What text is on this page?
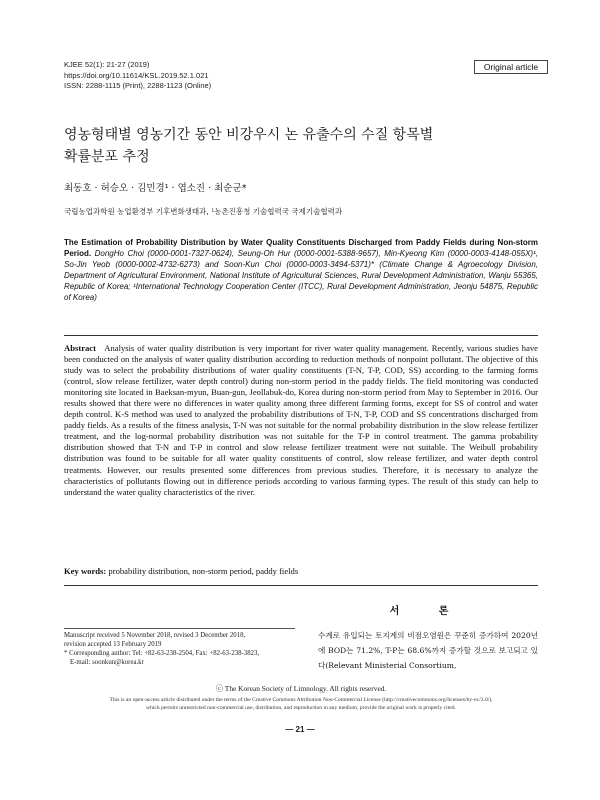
KJEE 52(1): 21-27 (2019)
https://doi.org/10.11614/KSL.2019.52.1.021
ISSN: 2288-1115 (Print), 2288-1123 (Online)
Original article
영농형태별 영농기간 동안 비강우시 논 유출수의 수질 항목별
확률분포 추정
최동호 · 허승오 · 김민경¹ · 엽소진 · 최순군*
국립농업과학원 농업환경부 기후변화생태과, ¹농촌진흥청 기술협력국 국제기술협력과
The Estimation of Probability Distribution by Water Quality Constituents Discharged from Paddy Fields during Non-storm Period. DongHo Choi (0000-0001-7327-0624), Seung-Oh Hur (0000-0001-5388-9657), Min-Kyeong Kim (0000-0003-4148-055X)¹, So-Jin Yeob (0000-0002-4732-6273) and Soon-Kun Choi (0000-0003-3494-5371)* (Climate Change & Agroecology Division, Department of Agricultural Environment, National Institute of Agricultural Sciences, Rural Development Administration, Wanju 55365, Republic of Korea; ¹International Technology Cooperation Center (ITCC), Rural Development Administration, Jeonju 54875, Republic of Korea)
Abstract Analysis of water quality distribution is very important for river water quality management. Recently, various studies have been conducted on the analysis of water quality distribution according to reduction methods of nonpoint pollutant. The objective of this study was to select the probability distributions of water quality constituents (T-N, T-P, COD, SS) according to the farming forms (control, slow release fertilizer, water depth control) during non-storm period in the paddy fields. The field monitoring was conducted monitoring site located in Baeksan-myun, Buan-gun, Jeollabuk-do, Korea during non-storm period from May to September in 2016. Our results showed that there were no differences in water quality among three different farming forms, except for SS of control and water depth control. K-S method was used to analyzed the probability distributions of T-N, T-P, COD and SS concentrations discharged from paddy fields. As a results of the fitness analysis, T-N was not suitable for the normal probability distribution in the slow release fertilizer treatment, and the log-normal probability distribution was not suitable for the T-P in control treatment. The gamma probability distribution showed that T-N and T-P in control and slow release fertilizer treatment were not suitable. The Weibull probability distribution was found to be suitable for all water quality constituents of control, slow release fertilizer, and water depth control treatments. However, our results presented some differences from previous studies. Therefore, it is necessary to analyze the characteristics of pollutants flowing out in difference periods according to various farming types. The result of this study can help to understand the water quality characteristics of the river.
Key words: probability distribution, non-storm period, paddy fields
서 론
수계로 유입되는 토지계의 비점오염원은 꾸준히 증가하여 2020년에 BOD는 71.2%, T-P는 68.6%까지 증가할 것으로 보고되고 있다(Relevant Ministerial Consortium,
Manuscript received 5 November 2018, revised 3 December 2018,
revision accepted 13 February 2019
* Corresponding author: Tel: +82-63-238-2504, Fax: +82-63-238-3823,
E-mail: soonkun@korea.kr
ⓒ The Korean Society of Limnology. All rights reserved.
This is an open-access article distributed under the terms of the Creative Commons Attribution Non-Commercial License (http://creativecommons.org/licenses/by-nc/3.0/),
which permits unrestricted non-commercial use, distribution, and reproduction in any medium, provide the original work is properly cited.
— 21 —
